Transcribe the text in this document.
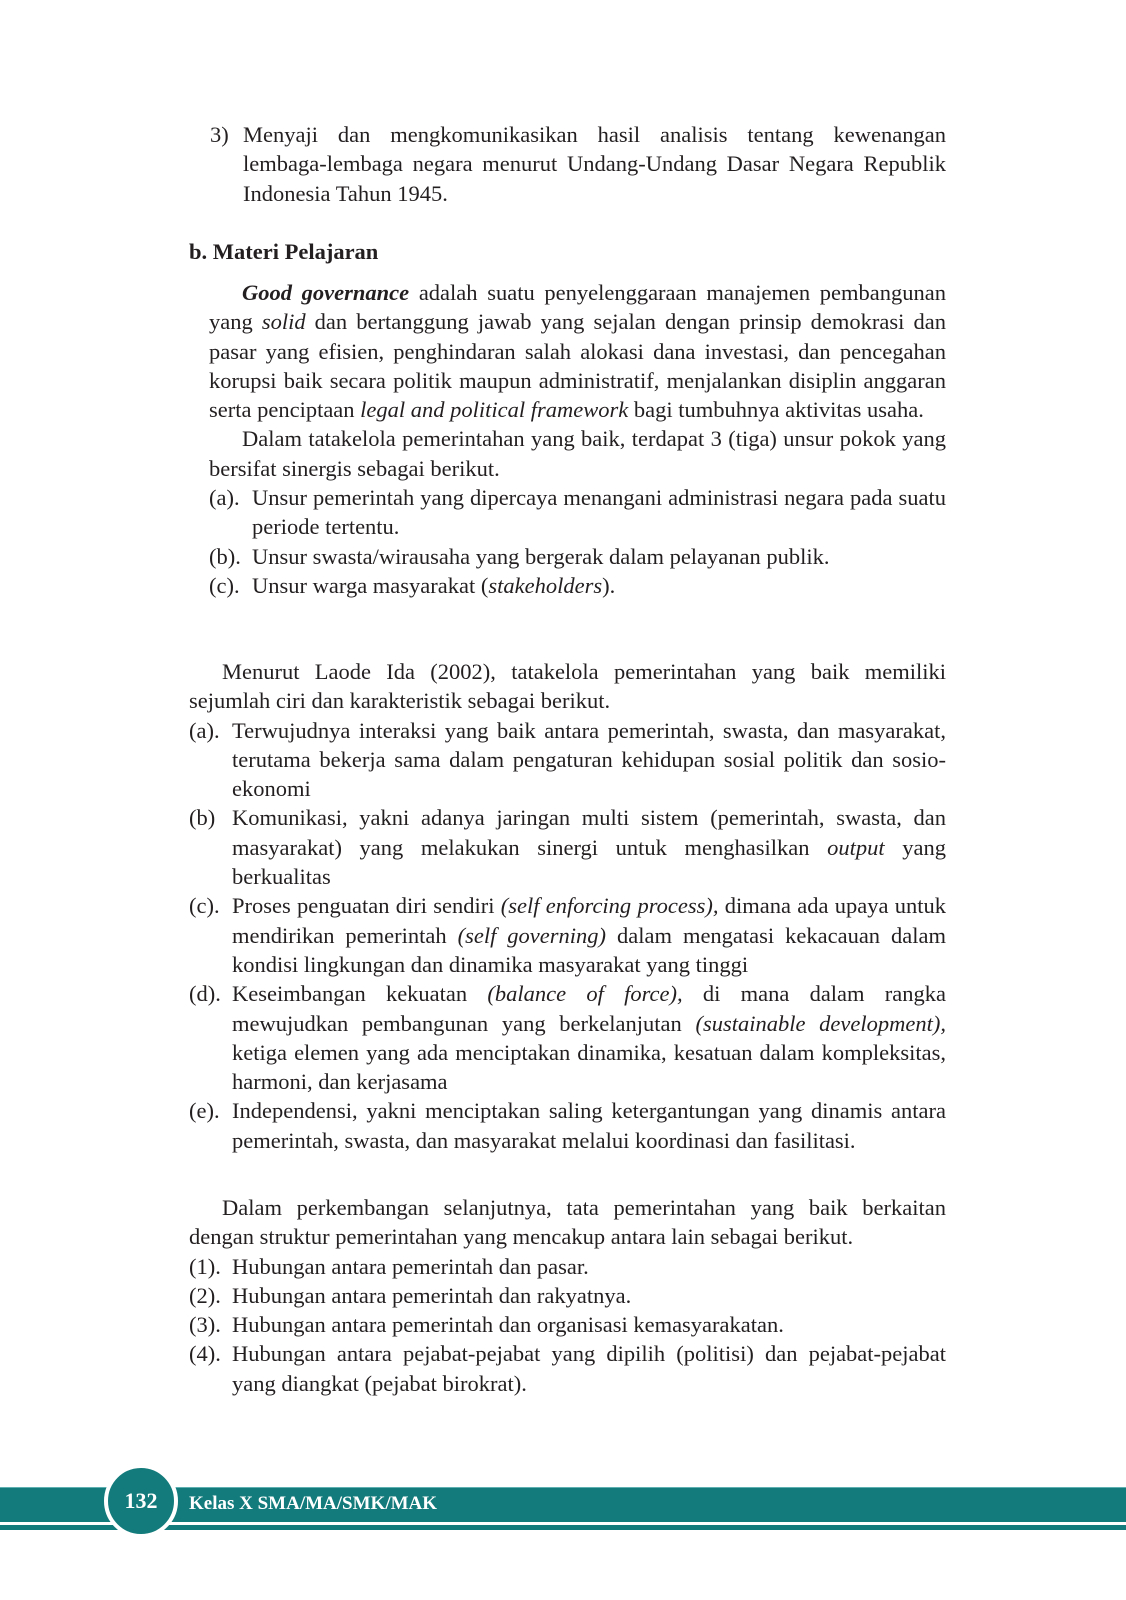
3) Menyaji dan mengkomunikasikan hasil analisis tentang kewenangan lembaga-lembaga negara menurut Undang-Undang Dasar Negara Republik Indonesia Tahun 1945.
b. Materi Pelajaran

Good governance adalah suatu penyelenggaraan manajemen pembangunan yang solid dan bertanggung jawab yang sejalan dengan prinsip demokrasi dan pasar yang efisien, penghindaran salah alokasi dana investasi, dan pencegahan korupsi baik secara politik maupun administratif, menjalankan disiplin anggaran serta penciptaan legal and political framework bagi tumbuhnya aktivitas usaha.

Dalam tatakelola pemerintahan yang baik, terdapat 3 (tiga) unsur pokok yang bersifat sinergis sebagai berikut.

(a). Unsur pemerintah yang dipercaya menangani administrasi negara pada suatu periode tertentu.
(b). Unsur swasta/wirausaha yang bergerak dalam pelayanan publik.
(c). Unsur warga masyarakat (stakeholders).

Menurut Laode Ida (2002), tatakelola pemerintahan yang baik memiliki sejumlah ciri dan karakteristik sebagai berikut.

(a). Terwujudnya interaksi yang baik antara pemerintah, swasta, dan masyarakat, terutama bekerja sama dalam pengaturan kehidupan sosial politik dan sosio-ekonomi
(b) Komunikasi, yakni adanya jaringan multi sistem (pemerintah, swasta, dan masyarakat) yang melakukan sinergi untuk menghasilkan output yang berkualitas
(c). Proses penguatan diri sendiri (self enforcing process), dimana ada upaya untuk mendirikan pemerintah (self governing) dalam mengatasi kekacauan dalam kondisi lingkungan dan dinamika masyarakat yang tinggi
(d). Keseimbangan kekuatan (balance of force), di mana dalam rangka mewujudkan pembangunan yang berkelanjutan (sustainable development), ketiga elemen yang ada menciptakan dinamika, kesatuan dalam kompleksitas, harmoni, dan kerjasama
(e). Independensi, yakni menciptakan saling ketergantungan yang dinamis antara pemerintah, swasta, dan masyarakat melalui koordinasi dan fasilitasi.

Dalam perkembangan selanjutnya, tata pemerintahan yang baik berkaitan dengan struktur pemerintahan yang mencakup antara lain sebagai berikut.

(1). Hubungan antara pemerintah dan pasar.
(2). Hubungan antara pemerintah dan rakyatnya.
(3). Hubungan antara pemerintah dan organisasi kemasyarakatan.
(4). Hubungan antara pejabat-pejabat yang dipilih (politisi) dan pejabat-pejabat yang diangkat (pejabat birokrat).
132 Kelas X SMA/MA/SMK/MAK
